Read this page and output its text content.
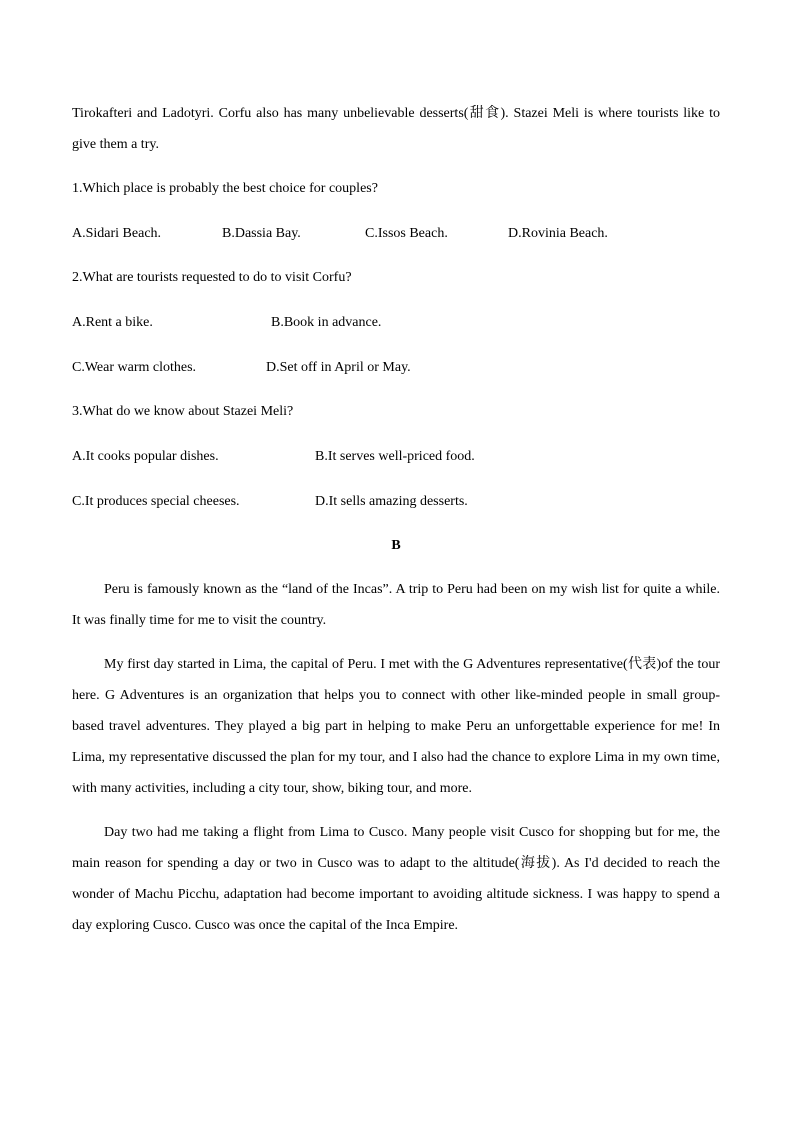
Tirokafteri and Ladotyri. Corfu also has many unbelievable desserts(甜食). Stazei Meli is where tourists like to give them a try.

1.Which place is probably the best choice for couples?

A.Sidari Beach.	B.Dassia Bay.	C.Issos Beach.	D.Rovinia Beach.

2.What are tourists requested to do to visit Corfu?

A.Rent a bike.	B.Book in advance.
C.Wear warm clothes.	D.Set off in April or May.

3.What do we know about Stazei Meli?

A.It cooks popular dishes.	B.It serves well-priced food.
C.It produces special cheeses.	D.It sells amazing desserts.

B

Peru is famously known as the “land of the Incas”. A trip to Peru had been on my wish list for quite a while. It was finally time for me to visit the country.

My first day started in Lima, the capital of Peru. I met with the G Adventures representative(代表)of the tour here. G Adventures is an organization that helps you to connect with other like-minded people in small group-based travel adventures. They played a big part in helping to make Peru an unforgettable experience for me! In Lima, my representative discussed the plan for my tour, and I also had the chance to explore Lima in my own time, with many activities, including a city tour, show, biking tour, and more.

Day two had me taking a flight from Lima to Cusco. Many people visit Cusco for shopping but for me, the main reason for spending a day or two in Cusco was to adapt to the altitude(海拔). As I'd decided to reach the wonder of Machu Picchu, adaptation had become important to avoiding altitude sickness. I was happy to spend a day exploring Cusco. Cusco was once the capital of the Inca Empire.
